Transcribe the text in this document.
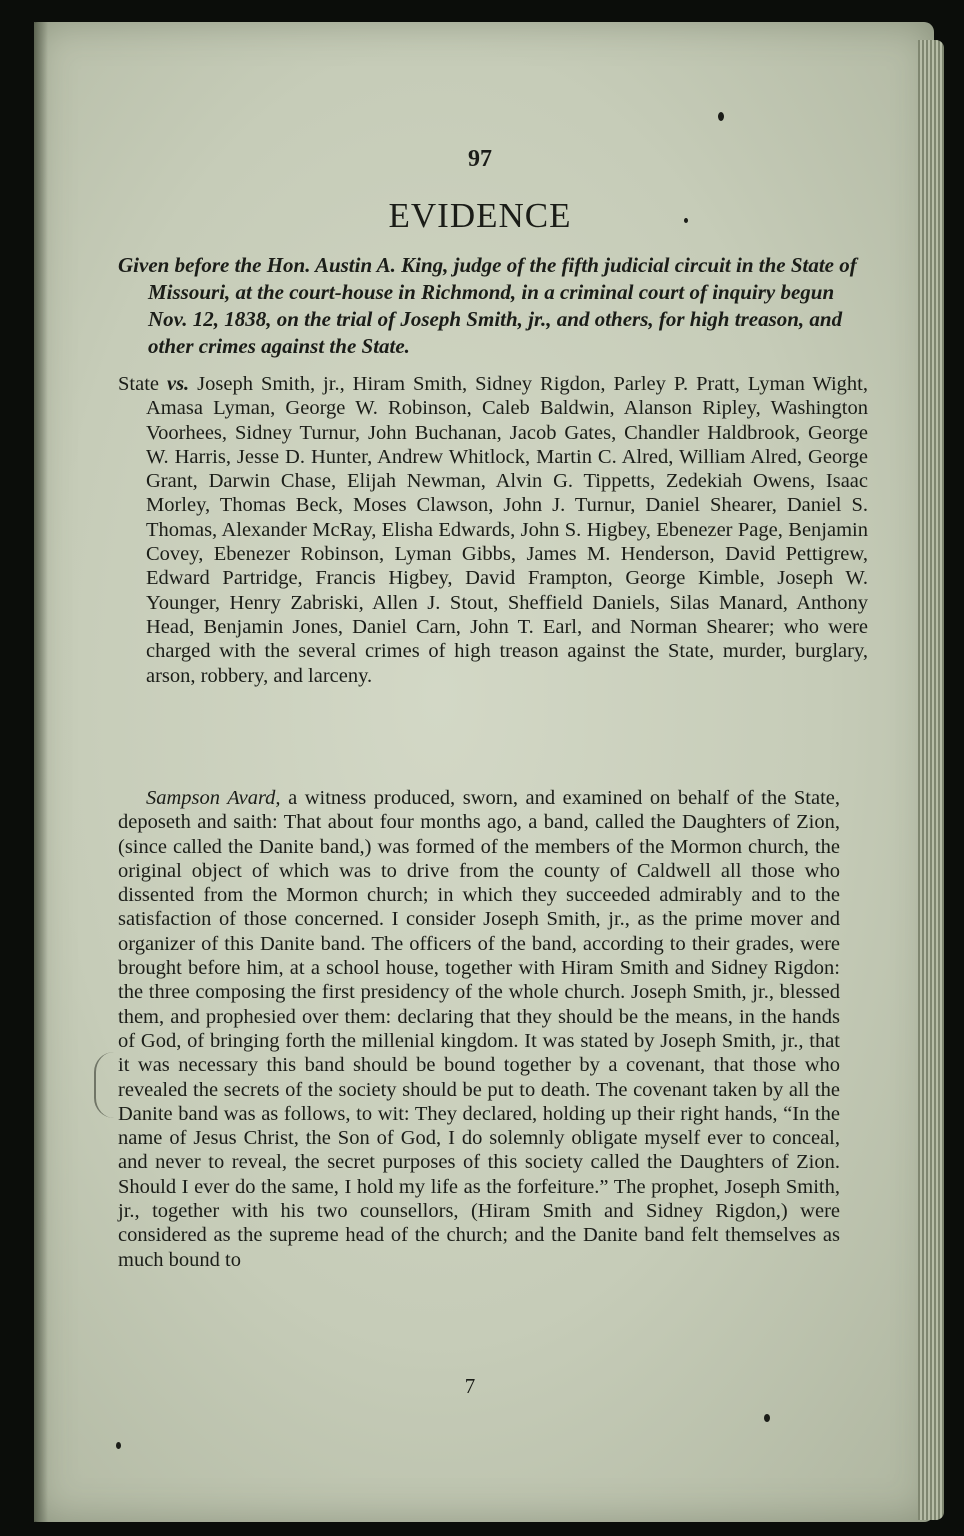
97
EVIDENCE
Given before the Hon. Austin A. King, judge of the fifth judicial circuit in the State of Missouri, at the court-house in Richmond, in a criminal court of inquiry begun Nov. 12, 1838, on the trial of Joseph Smith, jr., and others, for high treason, and other crimes against the State.
State vs. Joseph Smith, jr., Hiram Smith, Sidney Rigdon, Parley P. Pratt, Lyman Wight, Amasa Lyman, George W. Robinson, Caleb Baldwin, Alanson Ripley, Washington Voorhees, Sidney Turnur, John Buchanan, Jacob Gates, Chandler Haldbrook, George W. Harris, Jesse D. Hunter, Andrew Whitlock, Martin C. Alred, William Alred, George Grant, Darwin Chase, Elijah Newman, Alvin G. Tippetts, Zedekiah Owens, Isaac Morley, Thomas Beck, Moses Clawson, John J. Turnur, Daniel Shearer, Daniel S. Thomas, Alexander McRay, Elisha Edwards, John S. Higbey, Ebenezer Page, Benjamin Covey, Ebenezer Robinson, Lyman Gibbs, James M. Henderson, David Pettigrew, Edward Partridge, Francis Higbey, David Frampton, George Kimble, Joseph W. Younger, Henry Zabriski, Allen J. Stout, Sheffield Daniels, Silas Manard, Anthony Head, Benjamin Jones, Daniel Carn, John T. Earl, and Norman Shearer; who were charged with the several crimes of high treason against the State, murder, burglary, arson, robbery, and larceny.
Sampson Avard, a witness produced, sworn, and examined on behalf of the State, deposeth and saith: That about four months ago, a band, called the Daughters of Zion, (since called the Danite band,) was formed of the members of the Mormon church, the original object of which was to drive from the county of Caldwell all those who dissented from the Mormon church; in which they succeeded admirably and to the satisfaction of those concerned. I consider Joseph Smith, jr., as the prime mover and organizer of this Danite band. The officers of the band, according to their grades, were brought before him, at a school house, together with Hiram Smith and Sidney Rigdon: the three composing the first presidency of the whole church. Joseph Smith, jr., blessed them, and prophesied over them: declaring that they should be the means, in the hands of God, of bringing forth the millenial kingdom. It was stated by Joseph Smith, jr., that it was necessary this band should be bound together by a covenant, that those who revealed the secrets of the society should be put to death. The covenant taken by all the Danite band was as follows, to wit: They declared, holding up their right hands, “In the name of Jesus Christ, the Son of God, I do solemnly obligate myself ever to conceal, and never to reveal, the secret purposes of this society called the Daughters of Zion. Should I ever do the same, I hold my life as the forfeiture.” The prophet, Joseph Smith, jr., together with his two counsellors, (Hiram Smith and Sidney Rigdon,) were considered as the supreme head of the church; and the Danite band felt themselves as much bound to
7
